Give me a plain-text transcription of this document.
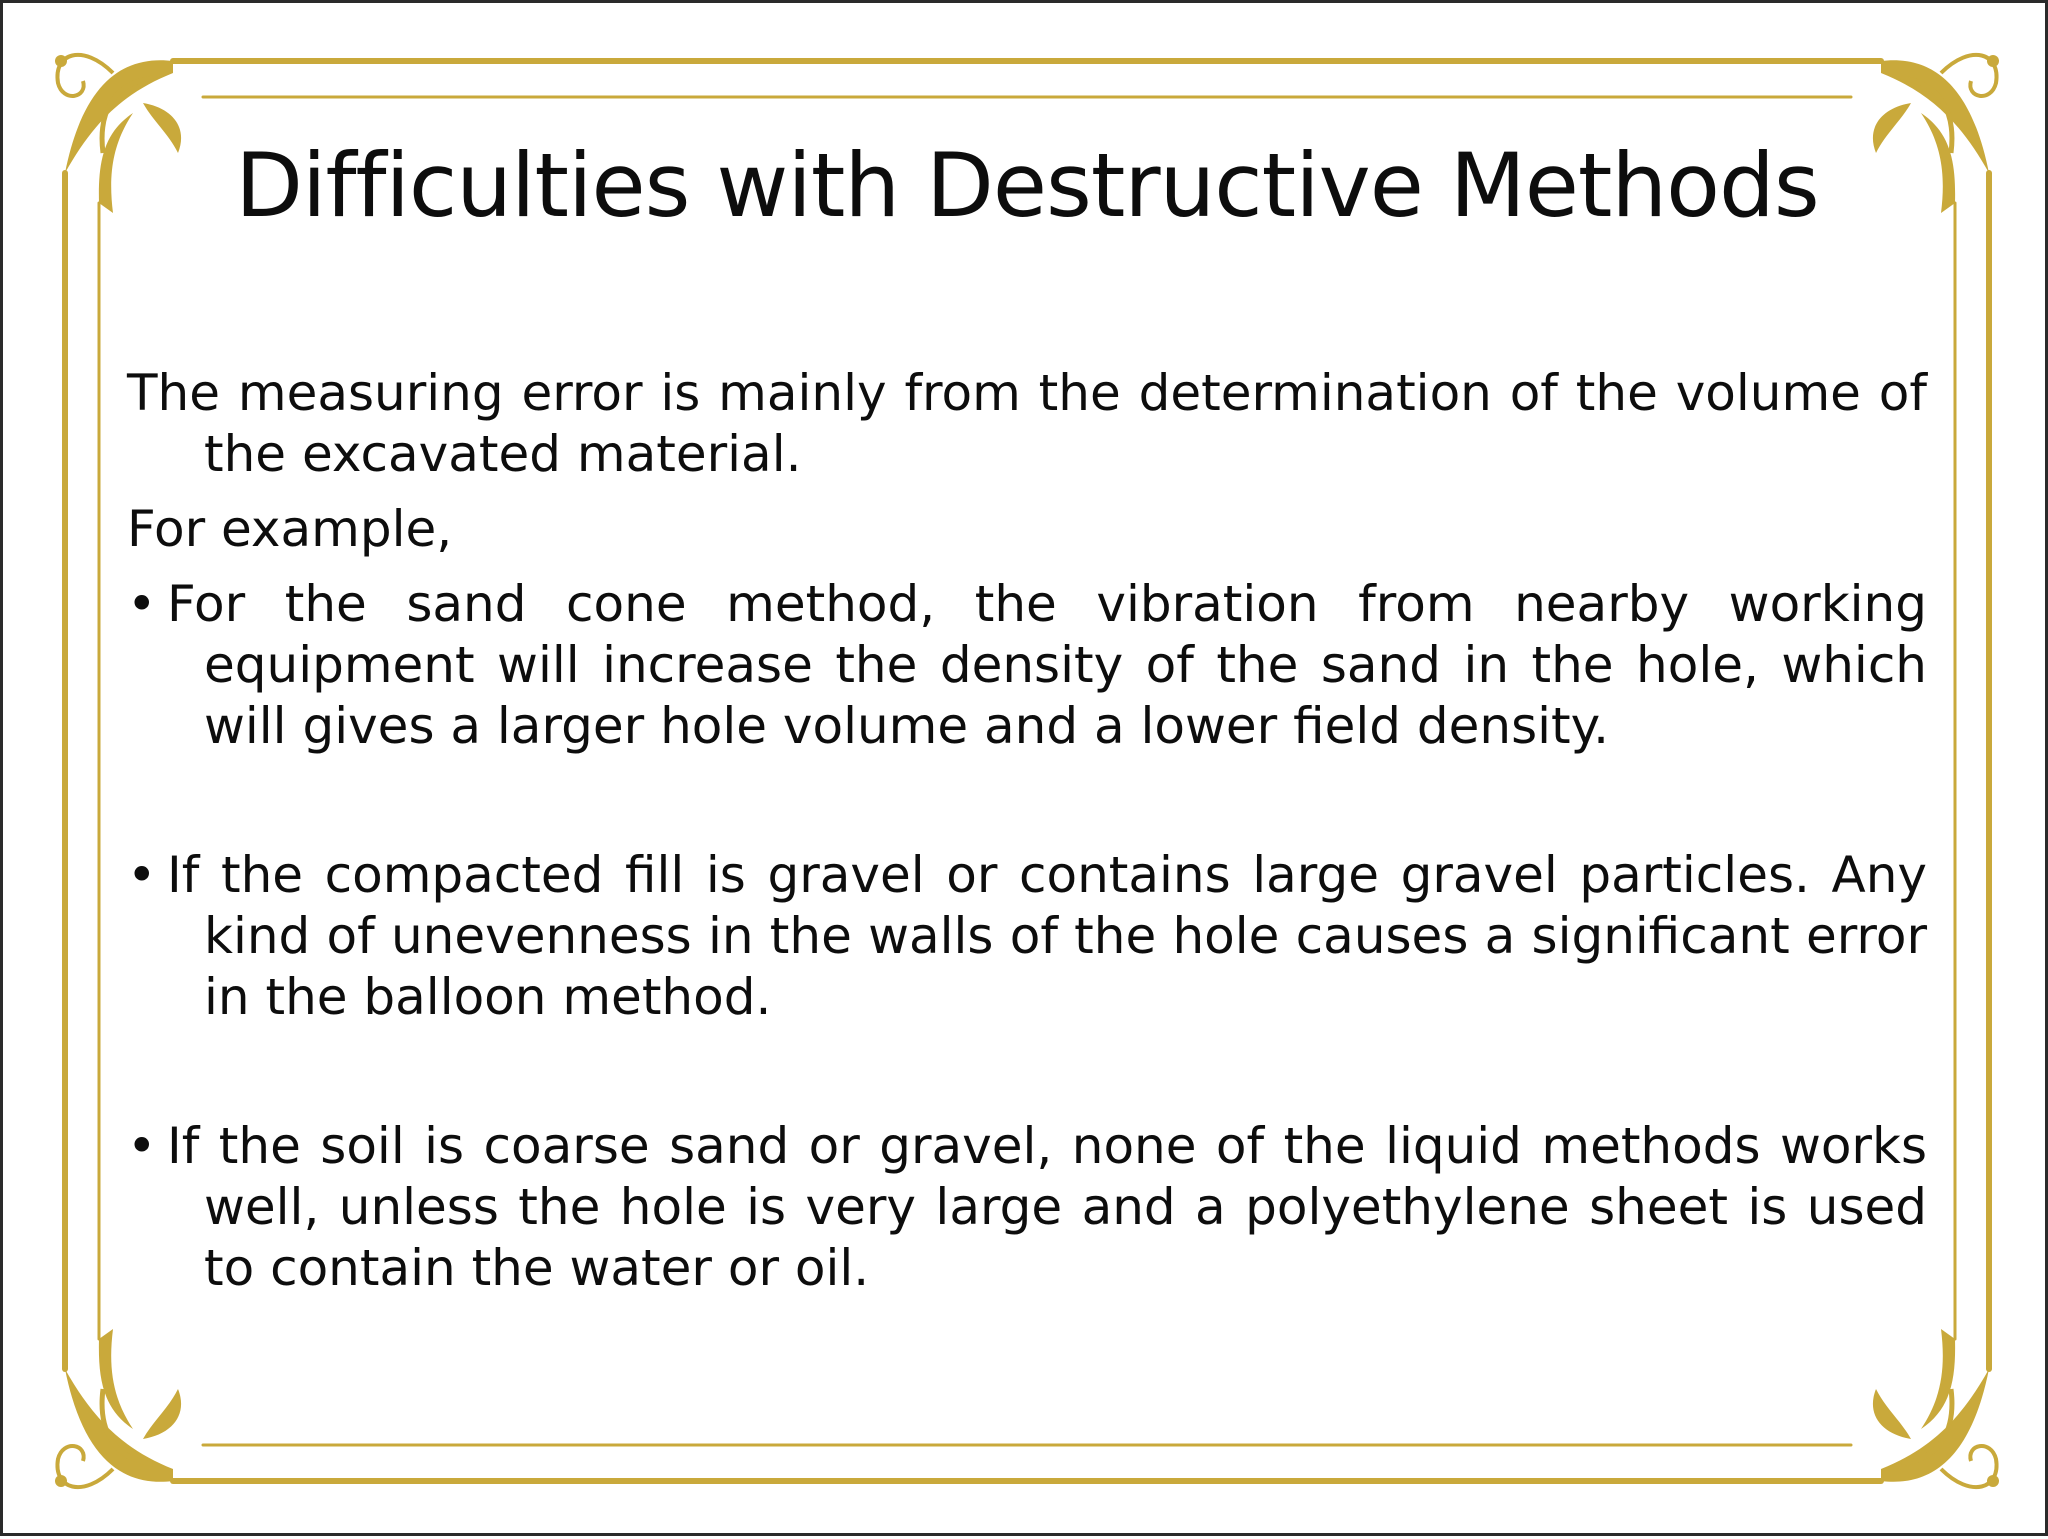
Difficulties with Destructive Methods

The measuring error is mainly from the determination of the volume of the excavated material.

For example,

• For the sand cone method, the vibration from nearby working equipment will increase the density of the sand in the hole, which will gives a larger hole volume and a lower field density.

• If the compacted fill is gravel or contains large gravel particles. Any kind of unevenness in the walls of the hole causes a significant error in the balloon method.

• If the soil is coarse sand or gravel, none of the liquid methods works well, unless the hole is very large and a polyethylene sheet is used to contain the water or oil.
